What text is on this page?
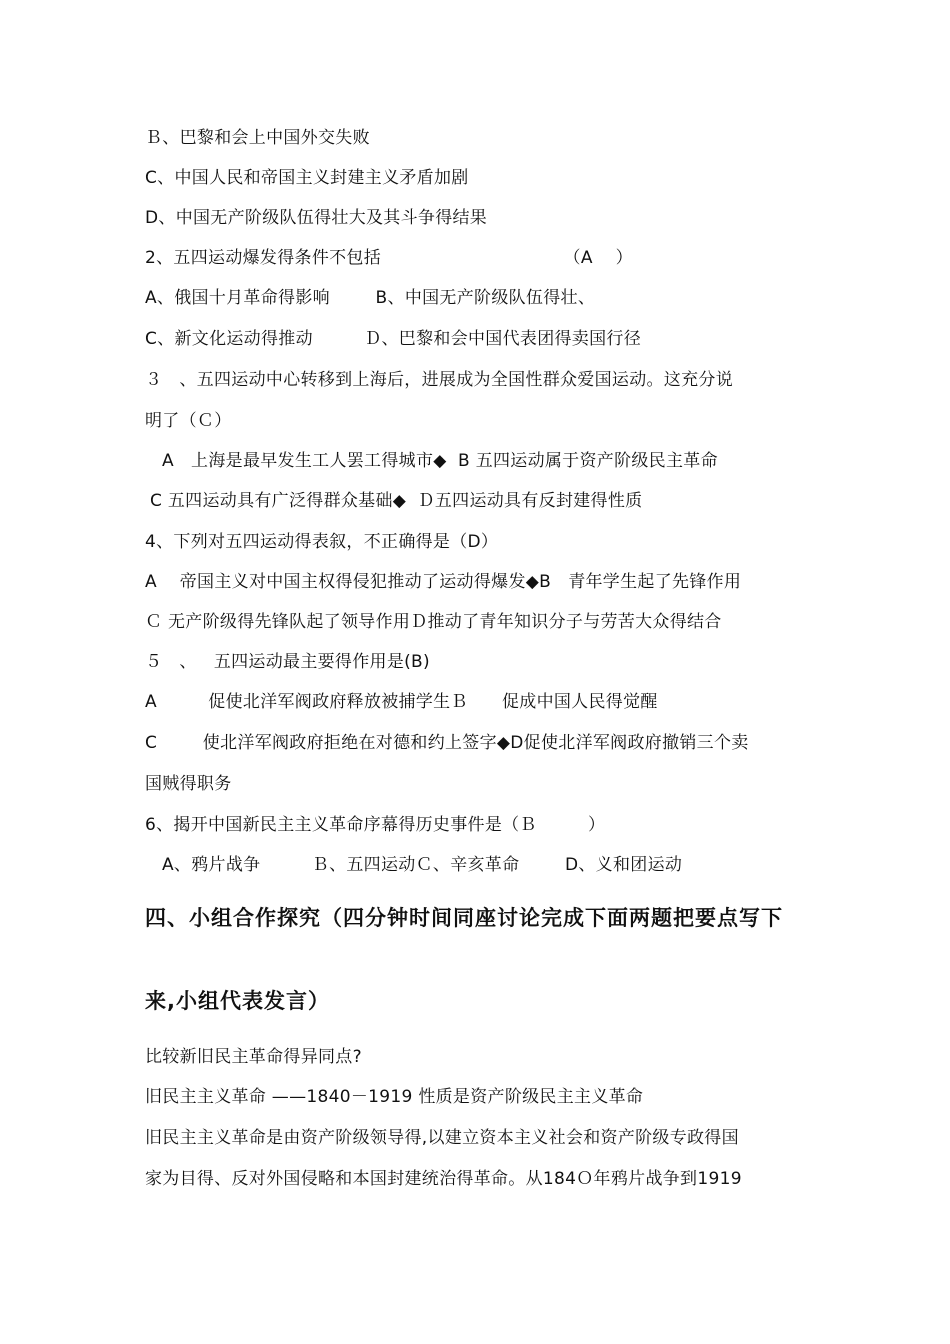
Ｂ、巴黎和会上中国外交失败
C、中国人民和帝国主义封建主义矛盾加剧
D、中国无产阶级队伍得壮大及其斗争得结果
2、五四运动爆发得条件不包括                                （A    ）
A、俄国十月革命得影响        B、中国无产阶级队伍得壮、
C、新文化运动得推动         Ｄ、巴黎和会中国代表团得卖国行径
３   、五四运动中心转移到上海后，进展成为全国性群众爱国运动。这充分说
明了（Ｃ）
A   上海是最早发生工人罢工得城市◆  B 五四运动属于资产阶级民主革命
C 五四运动具有广泛得群众基础◆  Ｄ五四运动具有反封建得性质
4、下列对五四运动得表叙，不正确得是（D）
A    帝国主义对中国主权得侵犯推动了运动得爆发◆B   青年学生起了先锋作用
Ｃ 无产阶级得先锋队起了领导作用Ｄ推动了青年知识分子与劳苦大众得结合
５   、   五四运动最主要得作用是(B)
A         促使北洋军阀政府释放被捕学生Ｂ      促成中国人民得觉醒
C        使北洋军阀政府拒绝在对德和约上签字◆D促使北洋军阀政府撤销三个卖
国贼得职务
6、揭开中国新民主主义革命序幕得历史事件是（Ｂ         ）
A、鸦片战争         Ｂ、五四运动Ｃ、辛亥革命        D、义和团运动
四、小组合作探究（四分钟时间同座讨论完成下面两题把要点写下
来,小组代表发言）
比较新旧民主革命得异同点?
旧民主主义革命 ——1840－1919 性质是资产阶级民主主义革命
旧民主主义革命是由资产阶级领导得,以建立资本主义社会和资产阶级专政得国
家为目得、反对外国侵略和本国封建统治得革命。从184Ｏ年鸦片战争到1919
